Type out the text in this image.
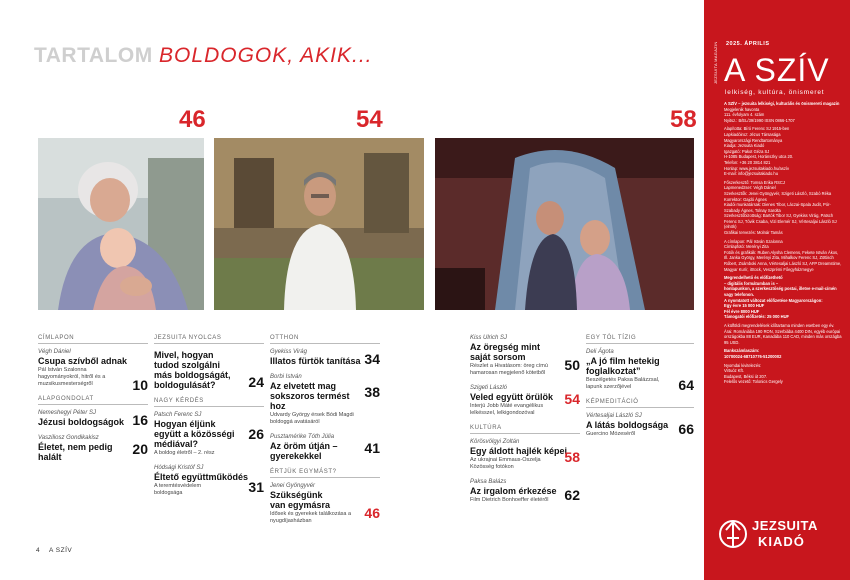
TARTALOM BOLDOGOK, AKIK...
46	54	58
CÍMLAPON
Végh Dániel
Csupa szívből adnak
Pál István Szalonna hagyományokról, hitről és a muzsikusmesterségről	10
ALAPGONDOLAT
Nemeshegyi Péter SJ
Jézusi boldogságok 16
Vasziliosz Gondikakisz
Életet, nem pedig halált	20
JEZSUITA NYOLCAS
Mivel, hogyan tudod szolgálni más boldogságát, boldogulását?	24
NAGY KÉRDÉS
Patsch Ferenc SJ
Hogyan éljünk együtt a közösségi médiával?
A boldog életről – 2. rész
26
Hódsági Kristóf SJ
Éltető együttműködés
A teremtésvédelem boldogsága	31
OTTHON
Gyekiss Virág
Illatos fürtök tanítása 34
Borbi István
Az elvetett mag sokszoros termést hoz
Udvardy György érsek Bódi Magdi boldoggá avatásáról
38
Pusztamérike Tóth Júlia
Az öröm útján – gyerekekkel	41
ÉRTJÜK EGYMÁST?
Jenei Gyöngyvér
Szükségünk van egymásra
Idősek és gyerekek találkozása a nyugdíjasházban	46
Kiss Ulrich SJ
Az öregség mint saját sorsom
Részlet a Hivatásom: öreg címú hamarosan megjelenő kötetből	50
Szigeti László
Veled együtt örülök
Interjú Jobb Máté evangélikus lelkésszel, lelkigondozóval
54
KULTÚRA
Körösvölgyi Zoltán
Egy áldott hajlék képei
Az ukrajnai Emmaus-Oszelja Közösség fotókon
58
Paksa Balázs
Az irgalom érkezése
Film Dietrich Bonhoeffer életéről	62
EGY TÓL TÍZIG
Deli Ágota
„A jó film hetekig foglalkoztat”
Beszélgetés Paksa Balázzsal, lapunk szerzőjével	64
KÉPMEDITÁCIÓ
Vértesaljai László SJ
A látás boldogsága
Guercino Mózeséről	66
2025. ÁPRILIS
JEZSUITA MAGAZIN A SZÍV
lelkiség, kultúra, önismeret

A SZÍV – jezsuita lelkiségi, kulturális és önismereti magazin
Megjelenik havonta
111. évfolyam 4. szám
Nyitsz.: B/EL/39/1990 ISSN 0866-1707

Alapította: Bíró Ferenc SJ 1915-ben
Lapkiadóiroz: Jézus Társasága
Magyarországi Rendtartománya
Kiadja: Jezsuita Kiadó
Igazgató: Pakot Géza SJ
H-1085 Budapest, Horánszky utca 20.
Telefon: +36 20 3814 821
Honlap: www.jezsuitakiado.hu/aszív
E-mail: info@jezsuitakiado.hu

Főszerkesztő: Tomsa Erika RSCJ
Lapmenedzser: Végh Dániel
Szerkesztők: Jenei Gyöngyvér, Szigeti László, Szabó Réka
Korrektor: Gajdó Ágnes
Kiadói munkatársak: Dienes Tibor, Láczai-Spala Judit, Pór-Szabady Ágnes, Tolnay Sarolta
Szerkesztőbizottság: Bartók Tibor SJ, Gyekiss Virág, Patsch Ferenc SJ, Tóvik Csaba, Vizi Elemér SJ, Vértesaljai László SJ (elnök)
Grafikai tervezés: Molnár Tamás

A címlapon: Pál István Szalonna
Címlapfotó: Merényi Zita
Fotók és grafikák: Ruben Alysha Clemens, Fekete István Ákos, Ill. Janka György, Merényi Zita, Mihalkov Ferenc SJ, Zöttisch Róbert, Zsámboki Anna, Vértesaljai László SJ, AFP Dreamstime, Magyar Kurír, iStock, Veszprémi Főegyházmegye

Megrendelhető és előfizethető
– digitális formátumban is –
honlapunkon, a szerkesztőség postai, illetve e-mail-címén vagy telefonon.
A nyomtatott változat előfizetése Magyarországon:
Egy évre 15 000 HUF
Fél évre 8000 HUF
Támogatói előfizetés: 25 000 HUF

A külföldi megrendelések időtartama minden esetben egy év. Árai: Romániába 190 RON, Szerbiába 4400 DIN, egyéb európai országokba 88 EUR, Kanadába 110 CAD, minden más országba 95 USD.

Bankszámlaszám:
10700024-68710776-51200002

Nyomdai kivitelezés:
Virtuóz Kft.
Budapest, Béksi út 207.
Felelős vezető: Tolonics Gergely

JEZSUITA
KIADÓ
4 A SZÍV
